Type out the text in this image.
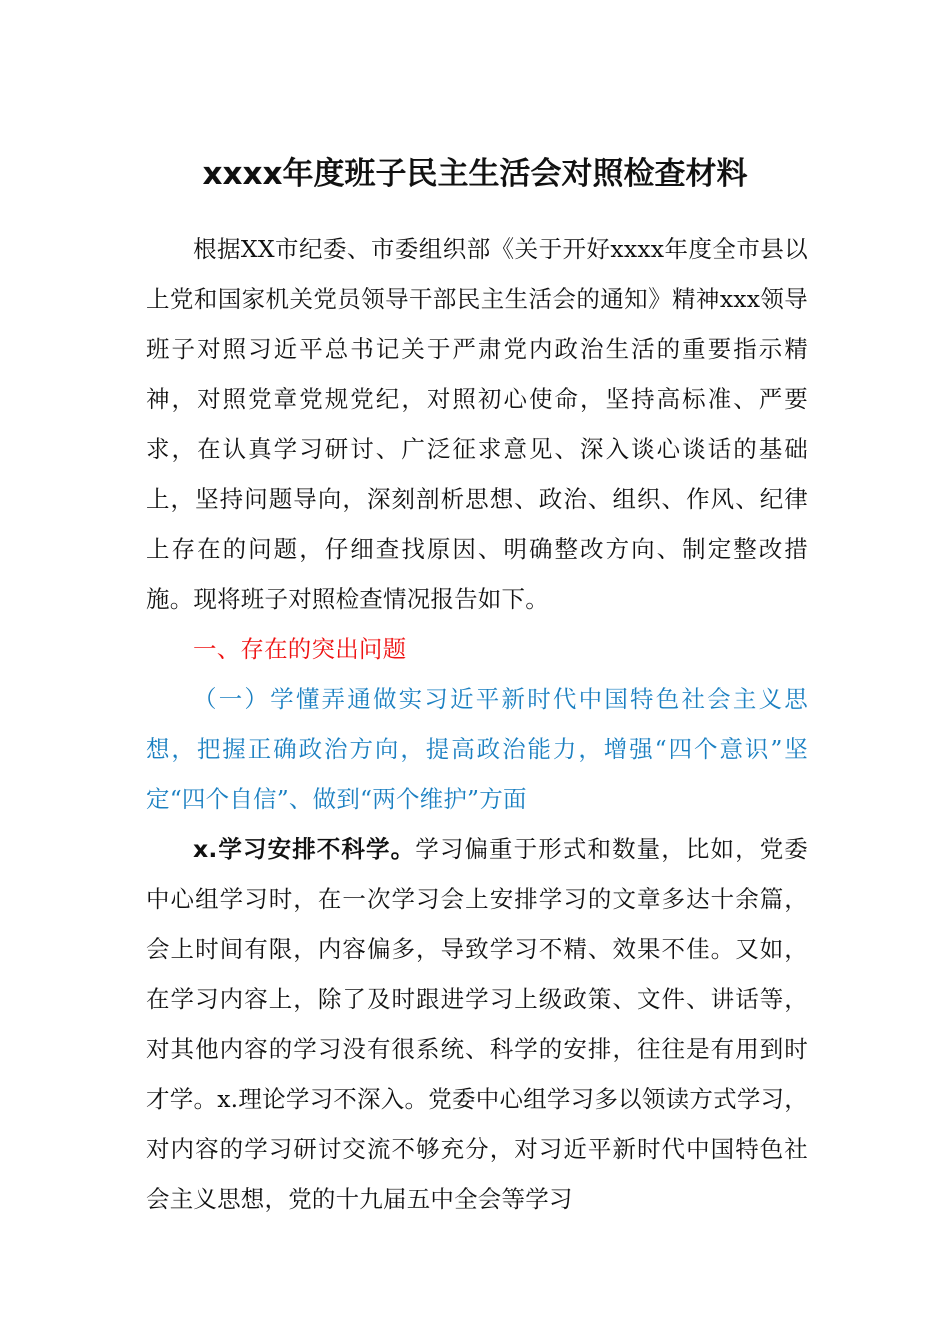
xxxx年度班子民主生活会对照检查材料

根据XX市纪委、市委组织部《关于开好xxxx年度全市县以上党和国家机关党员领导干部民主生活会的通知》精神xxx领导班子对照习近平总书记关于严肃党内政治生活的重要指示精神，对照党章党规党纪，对照初心使命，坚持高标准、严要求，在认真学习研讨、广泛征求意见、深入谈心谈话的基础上，坚持问题导向，深刻剖析思想、政治、组织、作风、纪律上存在的问题，仔细查找原因、明确整改方向、制定整改措施。现将班子对照检查情况报告如下。

一、存在的突出问题

（一）学懂弄通做实习近平新时代中国特色社会主义思想，把握正确政治方向，提高政治能力，增强“四个意识”坚定“四个自信”、做到“两个维护”方面

x.学习安排不科学。学习偏重于形式和数量，比如，党委中心组学习时，在一次学习会上安排学习的文章多达十余篇，会上时间有限，内容偏多，导致学习不精、效果不佳。又如，在学习内容上，除了及时跟进学习上级政策、文件、讲话等，对其他内容的学习没有很系统、科学的安排，往往是有用到时才学。x.理论学习不深入。党委中心组学习多以领读方式学习，对内容的学习研讨交流不够充分，对习近平新时代中国特色社会主义思想，党的十九届五中全会等学习
